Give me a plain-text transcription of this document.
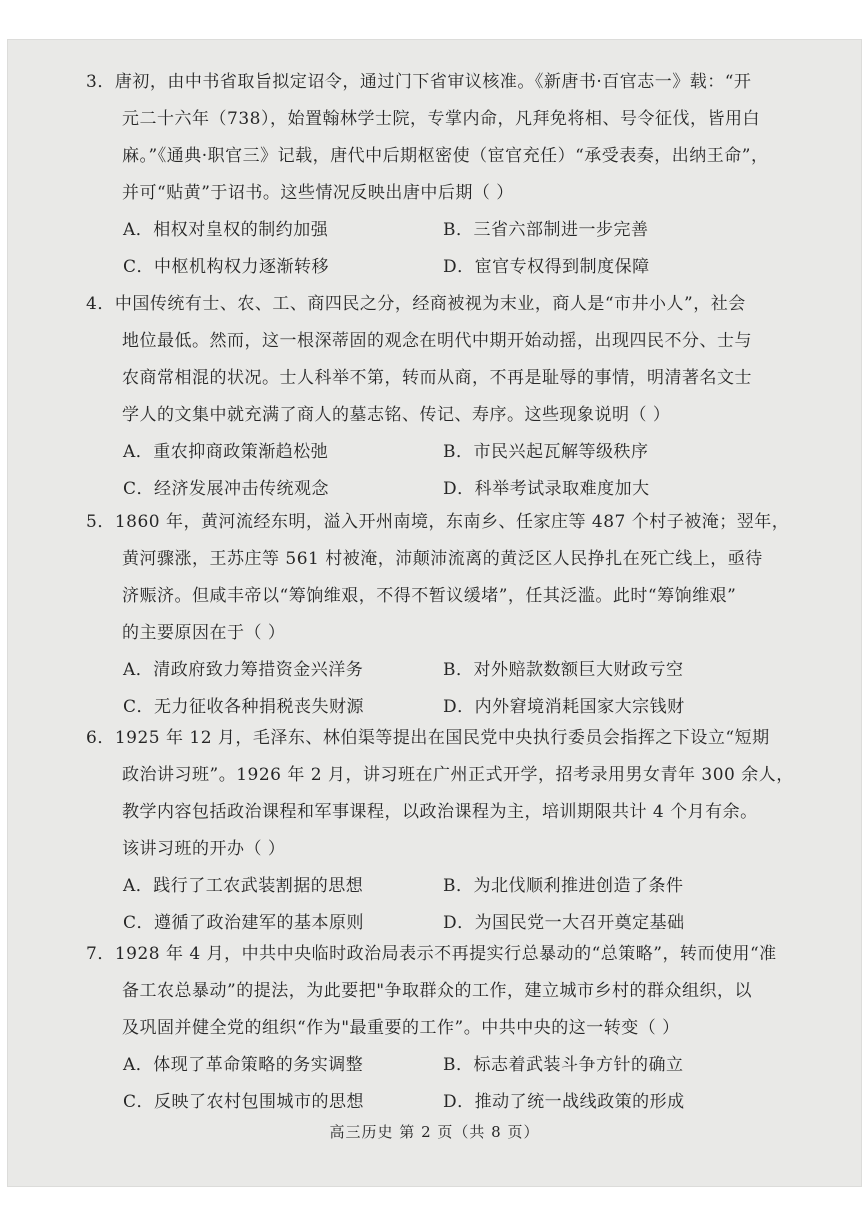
3．唐初，由中书省取旨拟定诏令，通过门下省审议核准。《新唐书·百官志一》载：“开
元二十六年（738），始置翰林学士院，专掌内命，凡拜免将相、号令征伐，皆用白
麻。”《通典·职官三》记载，唐代中后期枢密使（宦官充任）“承受表奏，出纳王命”，
并可“贴黄”于诏书。这些情况反映出唐中后期（ ）
A．相权对皇权的制约加强	B．三省六部制进一步完善
C．中枢机构权力逐渐转移	D．宦官专权得到制度保障
4．中国传统有士、农、工、商四民之分，经商被视为末业，商人是“市井小人”，社会
地位最低。然而，这一根深蒂固的观念在明代中期开始动摇，出现四民不分、士与
农商常相混的状况。士人科举不第，转而从商，不再是耻辱的事情，明清著名文士
学人的文集中就充满了商人的墓志铭、传记、寿序。这些现象说明（ ）
A．重农抑商政策渐趋松弛	B．市民兴起瓦解等级秩序
C．经济发展冲击传统观念	D．科举考试录取难度加大
5．1860 年，黄河流经东明，溢入开州南境，东南乡、任家庄等 487 个村子被淹；翌年，
黄河骤涨，王苏庄等 561 村被淹，沛颠沛流离的黄泛区人民挣扎在死亡线上，亟待
济赈济。但咸丰帝以“筹饷维艰，不得不暂议缓堵”，任其泛滥。此时“筹饷维艰”
的主要原因在于（ ）
A．清政府致力筹措资金兴洋务	B．对外赔款数额巨大财政亏空
C．无力征收各种捐税丧失财源	D．内外窘境消耗国家大宗钱财
6．1925 年 12 月，毛泽东、林伯渠等提出在国民党中央执行委员会指挥之下设立“短期
政治讲习班”。1926 年 2 月，讲习班在广州正式开学，招考录用男女青年 300 余人，
教学内容包括政治课程和军事课程，以政治课程为主，培训期限共计 4 个月有余。
该讲习班的开办（ ）
A．践行了工农武装割据的思想	B．为北伐顺利推进创造了条件
C．遵循了政治建军的基本原则	D．为国民党一大召开奠定基础
7．1928 年 4 月，中共中央临时政治局表示不再提实行总暴动的“总策略”，转而使用“准
备工农总暴动”的提法，为此要把"争取群众的工作，建立城市乡村的群众组织，以
及巩固并健全党的组织“作为"最重要的工作”。中共中央的这一转变（ ）
A．体现了革命策略的务实调整	B．标志着武装斗争方针的确立
C．反映了农村包围城市的思想	D．推动了统一战线政策的形成
高三历史 第 2 页（共 8 页）
